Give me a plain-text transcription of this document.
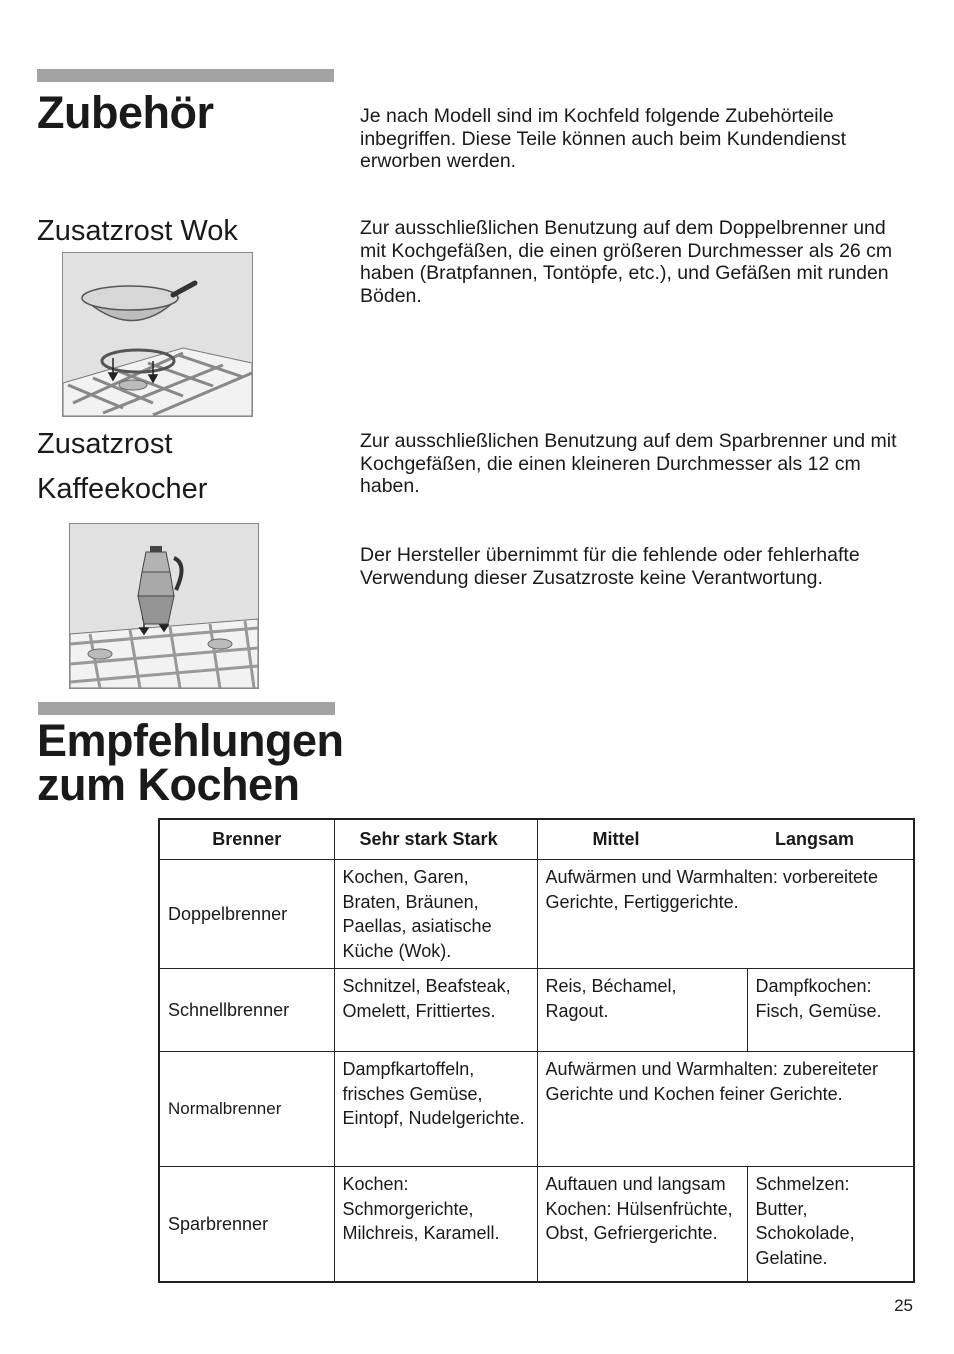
Zubehör	Je nach Modell sind im Kochfeld folgende Zubehörteile inbegriffen. Diese Teile können auch beim Kundendienst erworben werden.

Zusatzrost Wok	Zur ausschließlichen Benutzung auf dem Doppelbrenner und mit Kochgefäßen, die einen größeren Durchmesser als 26 cm haben (Bratpfannen, Tontöpfe, etc.), und Gefäßen mit runden Böden.

Zusatzrost
Kaffeekocher

Zur ausschließlichen Benutzung auf dem Sparbrenner und mit Kochgefäßen, die einen kleineren Durchmesser als 12 cm haben.

Der Hersteller übernimmt für die fehlende oder fehlerhafte Verwendung dieser Zusatzroste keine Verantwortung.

Empfehlungen
zum Kochen
Brenner	Sehr stark Stark	Mittel	Langsam
Doppelbrenner	Kochen, Garen, Braten, Bräunen, Paellas, asiatische Küche (Wok).	Aufwärmen und Warmhalten: vorbereitete Gerichte, Fertiggerichte.	
Schnellbrenner	Schnitzel, Beafsteak, Omelett, Frittiertes.	Reis, Béchamel, Ragout.	Dampfkochen: Fisch, Gemüse.
Normalbrenner	Dampfkartoffeln, frisches Gemüse, Eintopf, Nudelgerichte.	Aufwärmen und Warmhalten: zubereiteter Gerichte und Kochen feiner Gerichte.	
Sparbrenner	Kochen: Schmorgerichte, Milchreis, Karamell.	Auftauen und langsam Kochen: Hülsenfrüchte, Obst, Gefriergerichte.	Schmelzen: Butter, Schokolade, Gelatine.
25
